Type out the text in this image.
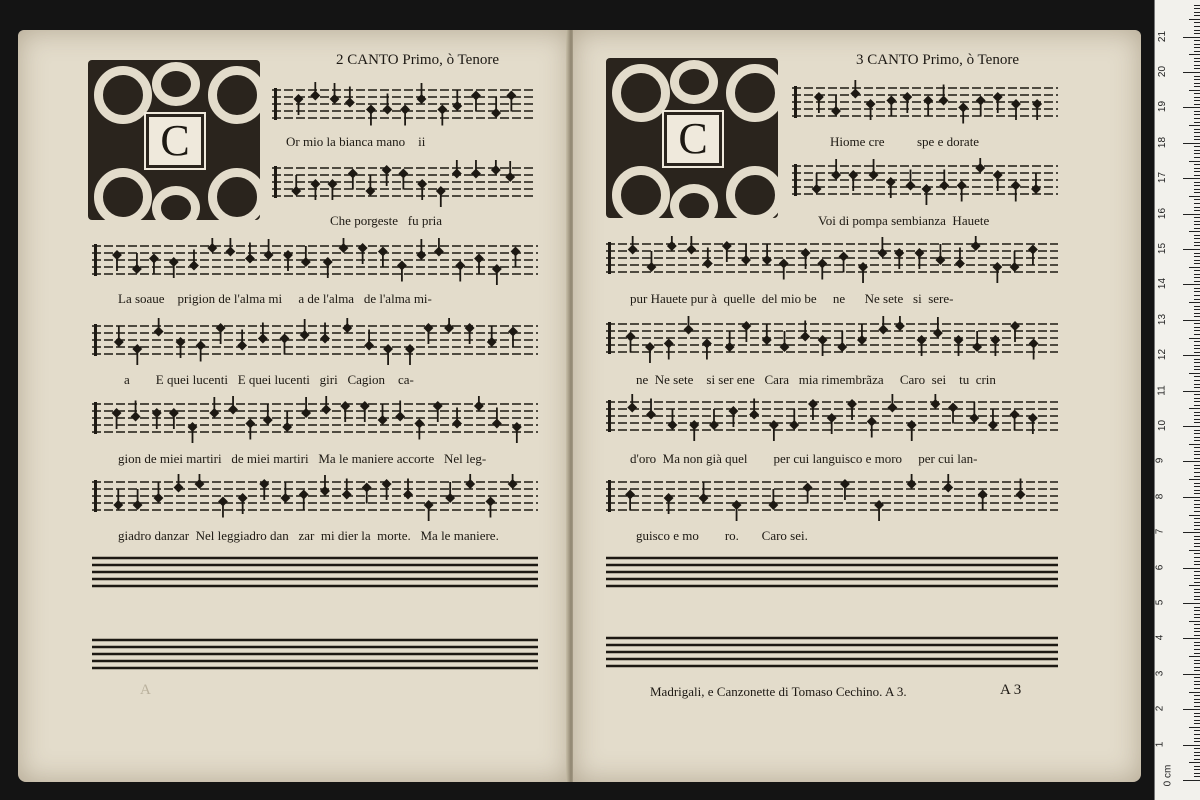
2 CANTO Primo, ò Tenore
C	Or mio la bianca mano    ii
Che porgeste   fu pria
La soaue    prigion de l'alma mi     a de l'alma   de l'alma mi-
a        E quei lucenti   E quei lucenti   giri   Cagion    ca-
gion de miei martiri   de miei martiri   Ma le maniere accorte   Nel leg-
giadro danzar  Nel leggiadro dan   zar  mi dier la  morte.   Ma le maniere.
A
3 CANTO Primo, ò Tenore
C	Hiome cre          spe e dorate
Voi di pompa sembianza  Hauete
pur Hauete pur à  quelle  del mio be     ne      Ne sete   si  sere-
ne  Ne sete    si ser ene   Cara   mia rimembrãza     Caro  sei    tu  crin
d'oro  Ma non già quel        per cui languisco e moro     per cui lan-
guisco e mo        ro.       Caro sei.
Madrigali, e Canzonette di Tomaso Cechino. A 3.	A 3
0 cm
1
2
3
4
5
6
7
8
9
10
11
12
13
14
15
16
17
18
19
20
21
